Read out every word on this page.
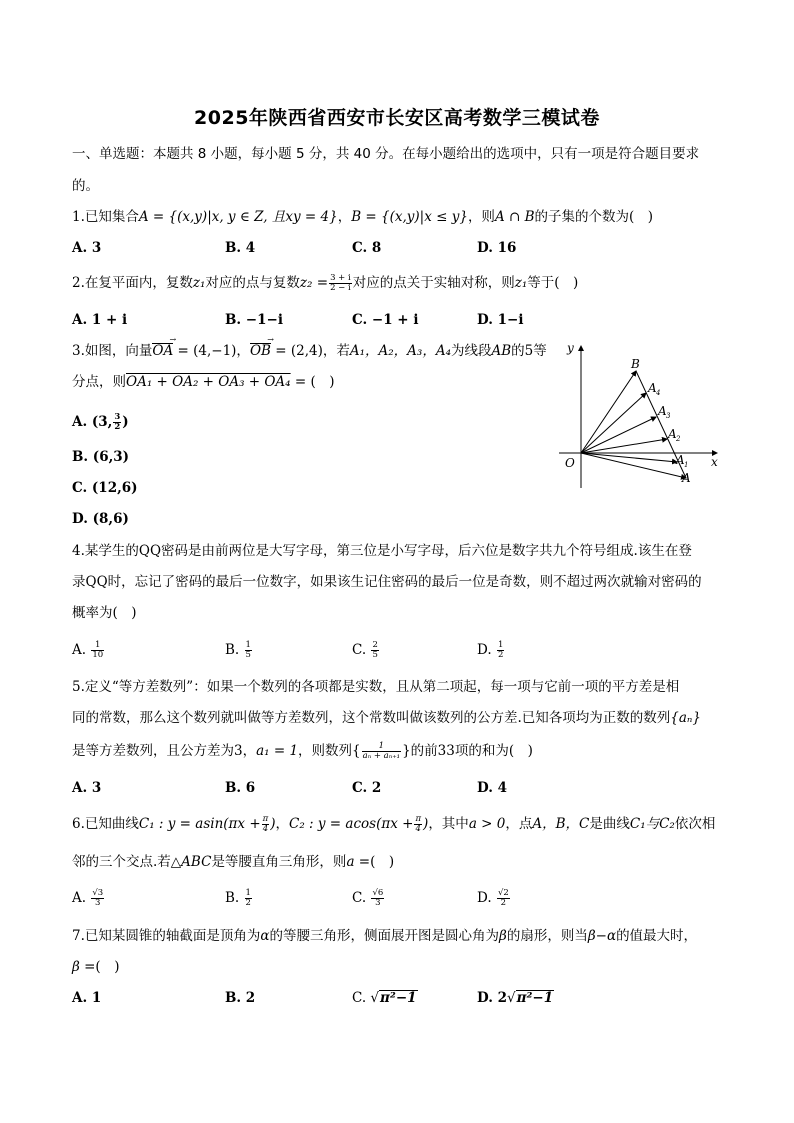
2025年陕西省西安市长安区高考数学三模试卷
一、单选题：本题共 8 小题，每小题 5 分，共 40 分。在每小题给出的选项中，只有一项是符合题目要求
的。
1.已知集合A = {(x,y)|x, y ∈ Z, 且xy = 4}，B = {(x,y)|x ≤ y}，则A ∩ B的子集的个数为(　)
A. 3	B. 4	C. 8	D. 16
2.在复平面内，复数z₁对应的点与复数$z_2 = \frac{3 + i}{2 - i}$ 对应的点关于实轴对称，则z₁等于(　)
A. 1 + i	B. −1−i	C. −1 + i	D. 1−i
3.如图，向量OA → = (4,−1)，OB → = (2,4)，若A₁，A₂，A₃，A₄为线段AB的5等
分点，则OA₁ + OA₂ + OA₃ + OA₄ = (　)
A. (3, $\frac{3}{2}$ )
B. (6,3)
C. (12,6)
D. (8,6)
y
x
O
B
A 4
A 3
A 2
A 1
A
4.某学生的QQ密码是由前两位是大写字母，第三位是小写字母，后六位是数字共九个符号组成.该生在登
录QQ时，忘记了密码的最后一位数字，如果该生记住密码的最后一位是奇数，则不超过两次就输对密码的
概率为(　)
A. $\frac{1}{10}$	B. $\frac{1}{5}$	C. $\frac{2}{5}$	D. $\frac{1}{2}$
5.定义“等方差数列”：如果一个数列的各项都是实数，且从第二项起，每一项与它前一项的平方差是相
同的常数，那么这个数列就叫做等方差数列，这个常数叫做该数列的公方差.已知各项均为正数的数列{aₙ}
是等方差数列，且公方差为3，a₁ = 1，则数列{ $\frac{1}{\text{aₙ + aₙ₊₁}}$ }的前33项的和为(　)
A. 3	B. 6	C. 2	D. 4
6.已知曲线C₁ : $y = asin(\pi x + \frac{\pi}{4}$ )，C₂ : $y = acos(\pi x + \frac{\pi}{4}$ )，其中a > 0，点A，B，C是曲线C₁与C₂依次相
邻的三个交点.若△ABC是等腰直角三角形，则a =(　)
A. $\frac{√3}{3}$	B. $\frac{1}{2}$	C. $\frac{√6}{3}$	D. $\frac{√2}{2}$
7.已知某圆锥的轴截面是顶角为α的等腰三角形，侧面展开图是圆心角为β的扇形，则当β−α的值最大时，
β =(　)
A. 1	B. 2	C. √π²−1	D. 2√π²−1
